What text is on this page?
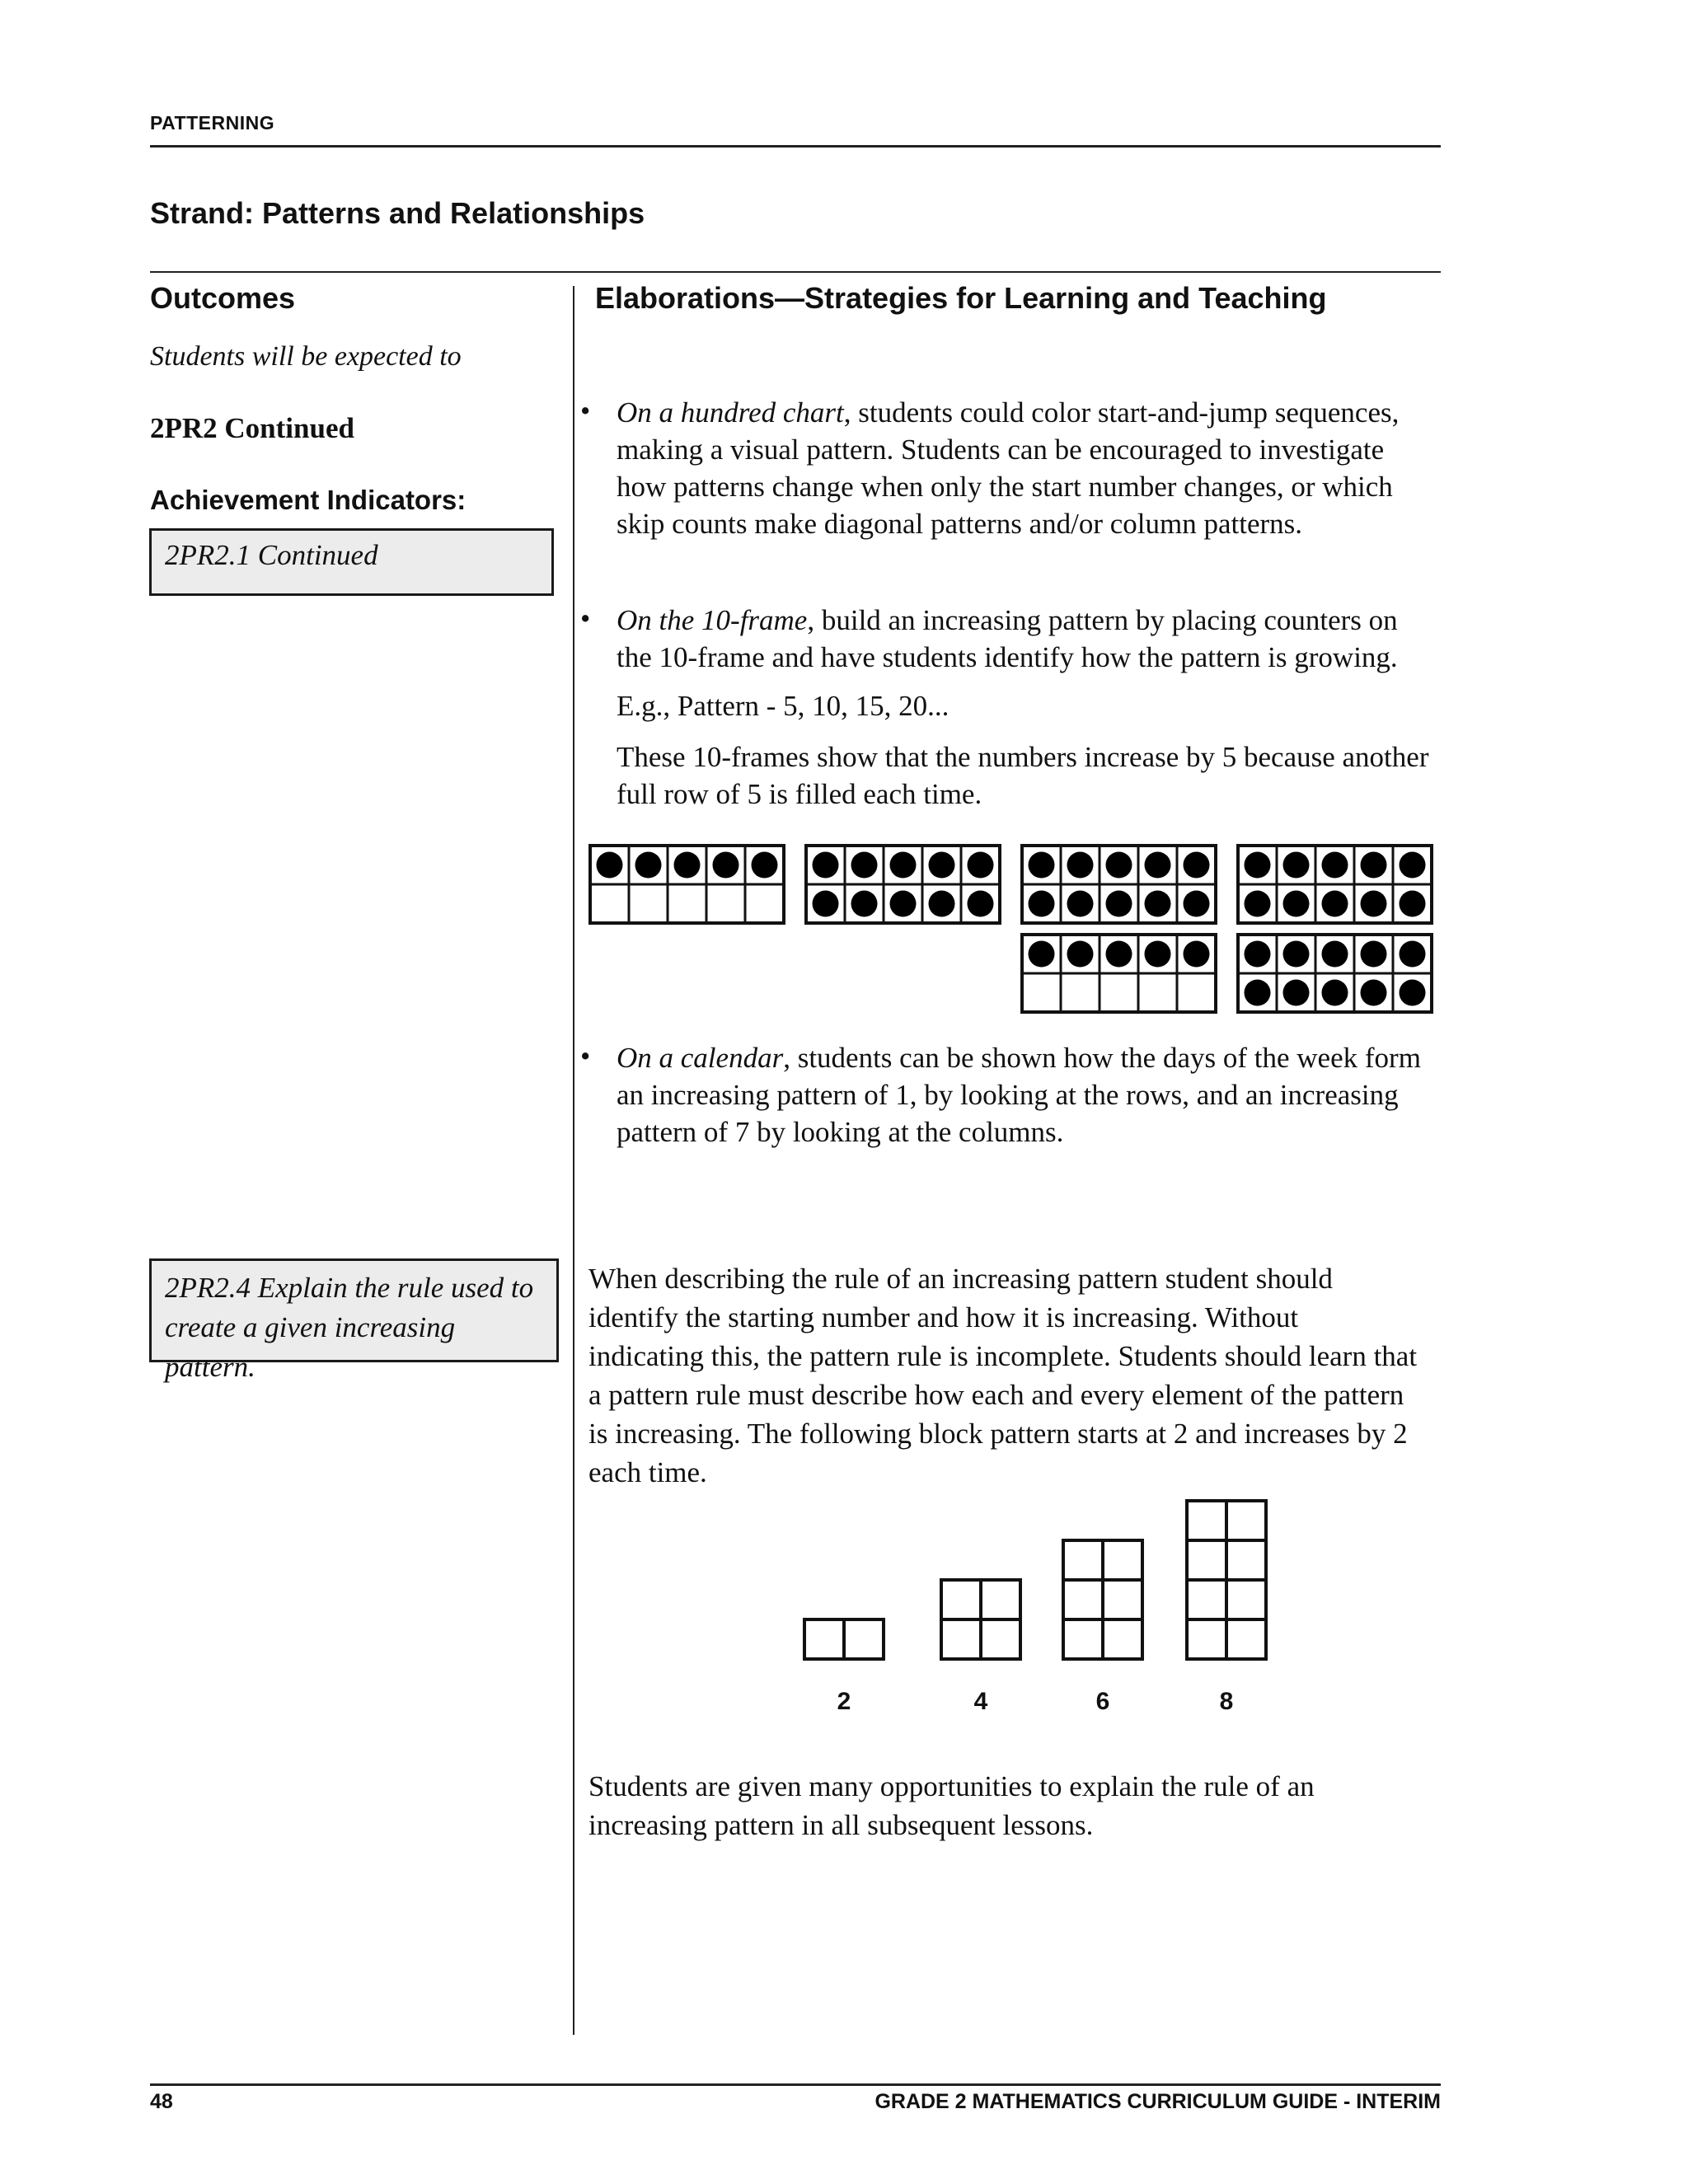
PATTERNING
Strand: Patterns and Relationships
Outcomes
Students will be expected to
2PR2 Continued
Achievement Indicators:
2PR2.1 Continued
2PR2.4 Explain the rule used to
create a given increasing pattern.
Elaborations—Strategies for Learning and Teaching
• On a hundred chart, students could color start-and-jump sequences,
making a visual pattern. Students can be encouraged to investigate
how patterns change when only the start number changes, or which
skip counts make diagonal patterns and/or column patterns.
• On the 10-frame, build an increasing pattern by placing counters on
the 10-frame and have students identify how the pattern is growing.
E.g., Pattern - 5, 10, 15, 20...
These 10-frames show that the numbers increase by 5 because another
full row of 5 is filled each time.
• On a calendar, students can be shown how the days of the week form
an increasing pattern of 1, by looking at the rows, and an increasing
pattern of 7 by looking at the columns.
When describing the rule of an increasing pattern student should
identify the starting number and how it is increasing. Without
indicating this, the pattern rule is incomplete. Students should learn that
a pattern rule must describe how each and every element of the pattern
is increasing. The following block pattern starts at 2 and increases by 2
each time.
2	4	6	8
Students are given many opportunities to explain the rule of an
increasing pattern in all subsequent lessons.
48	GRADE 2 MATHEMATICS CURRICULUM GUIDE - INTERIM
